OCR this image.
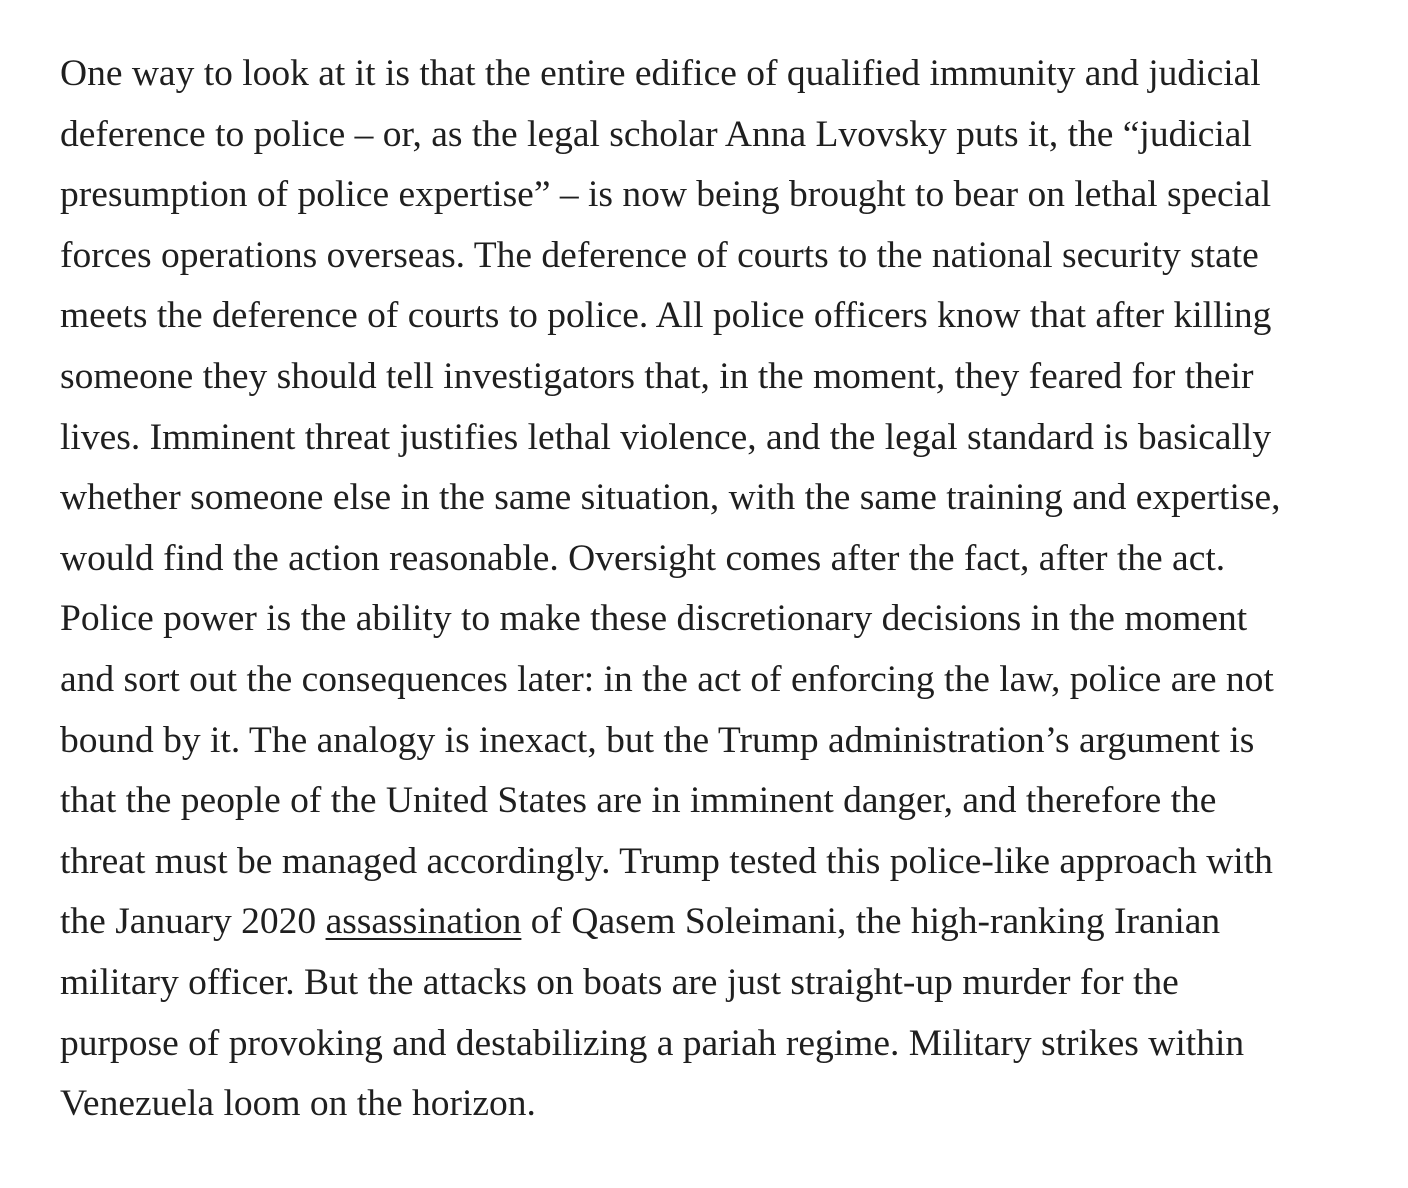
One way to look at it is that the entire edifice of qualified immunity and judicial
deference to police – or, as the legal scholar Anna Lvovsky puts it, the “judicial
presumption of police expertise” – is now being brought to bear on lethal special
forces operations overseas. The deference of courts to the national security state
meets the deference of courts to police. All police officers know that after killing
someone they should tell investigators that, in the moment, they feared for their
lives. Imminent threat justifies lethal violence, and the legal standard is basically
whether someone else in the same situation, with the same training and expertise,
would find the action reasonable. Oversight comes after the fact, after the act.
Police power is the ability to make these discretionary decisions in the moment
and sort out the consequences later: in the act of enforcing the law, police are not
bound by it. The analogy is inexact, but the Trump administration’s argument is
that the people of the United States are in imminent danger, and therefore the
threat must be managed accordingly. Trump tested this police-like approach with
the January 2020 assassination of Qasem Soleimani, the high-ranking Iranian
military officer. But the attacks on boats are just straight-up murder for the
purpose of provoking and destabilizing a pariah regime. Military strikes within
Venezuela loom on the horizon.
